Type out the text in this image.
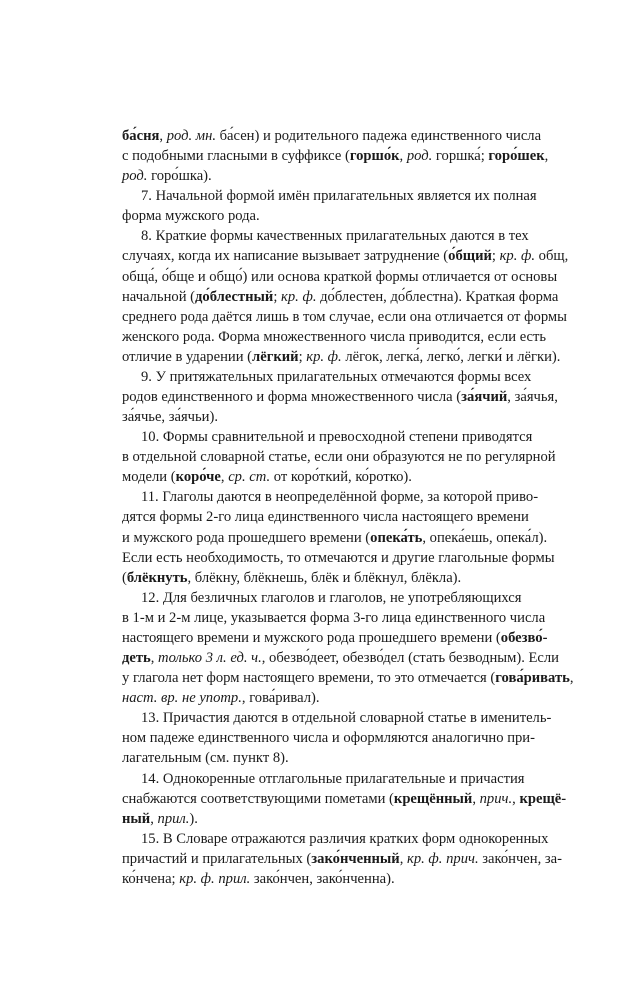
ба́сня, род. мн. ба́сен) и родительного падежа единственного числа
с подобными гласными в суффиксе (горшо́к, род. горшка́; горо́шек,
род. горо́шка).
7. Начальной формой имён прилагательных является их полная
форма мужского рода.
8. Краткие формы качественных прилагательных даются в тех
случаях, когда их написание вызывает затруднение (о́бщий; кр. ф. общ,
обща́, о́бще и общо́) или основа краткой формы отличается от основы
начальной (до́блестный; кр. ф. до́блестен, до́блестна). Краткая форма
среднего рода даётся лишь в том случае, если она отличается от формы
женского рода. Форма множественного числа приводится, если есть
отличие в ударении (лёгкий; кр. ф. лёгок, легка́, легко́, легки́ и лёгки).
9. У притяжательных прилагательных отмечаются формы всех
родов единственного и форма множественного числа (за́ячий, за́ячья,
за́ячье, за́ячьи).
10. Формы сравнительной и превосходной степени приводятся
в отдельной словарной статье, если они образуются не по регулярной
модели (коро́че, ср. ст. от коро́ткий, ко́ротко).
11. Глаголы даются в неопределённой форме, за которой приво-
дятся формы 2-го лица единственного числа настоящего времени
и мужского рода прошедшего времени (опека́ть, опека́ешь, опека́л).
Если есть необходимость, то отмечаются и другие глагольные формы
(блёкнуть, блёкну, блёкнешь, блёк и блёкнул, блёкла).
12. Для безличных глаголов и глаголов, не употребляющихся
в 1-м и 2-м лице, указывается форма 3-го лица единственного числа
настоящего времени и мужского рода прошедшего времени (обезво́-
деть, только 3 л. ед. ч., обезво́деет, обезво́дел (стать безводным). Если
у глагола нет форм настоящего времени, то это отмечается (гова́ривать,
наст. вр. не употр., гова́ривал).
13. Причастия даются в отдельной словарной статье в именитель-
ном падеже единственного числа и оформляются аналогично при-
лагательным (см. пункт 8).
14. Однокоренные отглагольные прилагательные и причастия
снабжаются соответствующими пометами (крещённый, прич., крещё-
ный, прил.).
15. В Словаре отражаются различия кратких форм однокоренных
причастий и прилагательных (зако́нченный, кр. ф. прич. зако́нчен, за-
ко́нчена; кр. ф. прил. зако́нчен, зако́нченна).
